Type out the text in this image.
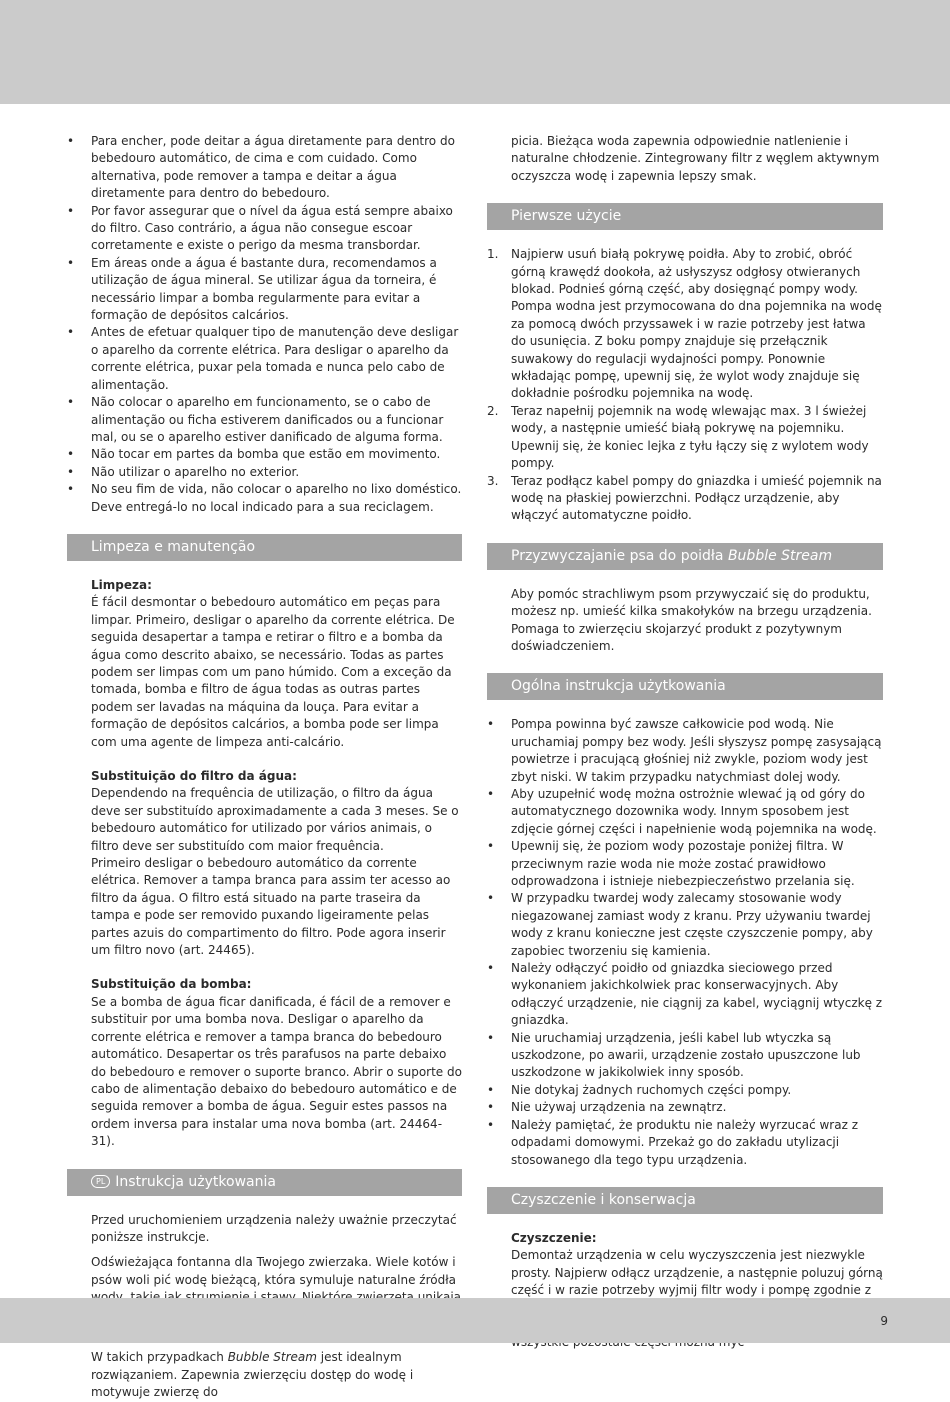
• Para encher, pode deitar a água diretamente para dentro do bebedouro automático, de cima e com cuidado. Como alternativa, pode remover a tampa e deitar a água diretamente para dentro do bebedouro.
• Por favor assegurar que o nível da água está sempre abaixo do filtro. Caso contrário, a água não consegue escoar corretamente e existe o perigo da mesma transbordar.
• Em áreas onde a água é bastante dura, recomendamos a utilização de água mineral. Se utilizar água da torneira, é necessário limpar a bomba regularmente para evitar a formação de depósitos calcários.
• Antes de efetuar qualquer tipo de manutenção deve desligar o aparelho da corrente elétrica. Para desligar o aparelho da corrente elétrica, puxar pela tomada e nunca pelo cabo de alimentação.
• Não colocar o aparelho em funcionamento, se o cabo de alimentação ou ficha estiverem danificados ou a funcionar mal, ou se o aparelho estiver danificado de alguma forma.
• Não tocar em partes da bomba que estão em movimento.
• Não utilizar o aparelho no exterior.
• No seu fim de vida, não colocar o aparelho no lixo doméstico. Deve entregá-lo no local indicado para a sua reciclagem.
Limpeza e manutenção

Limpeza:

É fácil desmontar o bebedouro automático em peças para limpar. Primeiro, desligar o aparelho da corrente elétrica. De seguida desapertar a tampa e retirar o filtro e a bomba da água como descrito abaixo, se necessário. Todas as partes podem ser limpas com um pano húmido. Com a exceção da tomada, bomba e filtro de água todas as outras partes podem ser lavadas na máquina da louça. Para evitar a formação de depósitos calcários, a bomba pode ser limpa com uma agente de limpeza anti-calcário.

Substituição do filtro da água:

Dependendo na frequência de utilização, o filtro da água deve ser substituído aproximadamente a cada 3 meses. Se o bebedouro automático for utilizado por vários animais, o filtro deve ser substituído com maior frequência.

Primeiro desligar o bebedouro automático da corrente elétrica. Remover a tampa branca para assim ter acesso ao filtro da água. O filtro está situado na parte traseira da tampa e pode ser removido puxando ligeiramente pelas partes azuis do compartimento do filtro. Pode agora inserir um filtro novo (art. 24465).

Substituição da bomba:

Se a bomba de água ficar danificada, é fácil de a remover e substituir por uma bomba nova. Desligar o aparelho da corrente elétrica e remover a tampa branca do bebedouro automático. Desapertar os três parafusos na parte debaixo do bebedouro e remover o suporte branco. Abrir o suporte do cabo de alimentação debaixo do bebedouro automático e de seguida remover a bomba de água. Seguir estes passos na ordem inversa para instalar uma nova bomba (art. 24464-31).

PL Instrukcja użytkowania

Przed uruchomieniem urządzenia należy uważnie przeczytać poniższe instrukcje.

Odświeżająca fontanna dla Twojego zwierzaka. Wiele kotów i psów woli pić wodę bieżącą, która symuluje naturalne źródła

W takich przypadkach Bubble Stream jest idealnym rozwiązaniem. Zapewnia zwierzęciu dostęp do wodę i motywuje zwierzę do

picia. Bieżąca woda zapewnia odpowiednie natlenienie i naturalne chłodzenie. Zintegrowany filtr z węglem aktywnym oczyszcza wodę i zapewnia lepszy smak.

Pierwsze użycie
1. Najpierw usuń białą pokrywę poidła. Aby to zrobić, obróć górną krawędź dookoła, aż usłyszysz odgłosy otwieranych blokad. Podnieś górną część, aby dosięgnąć pompy wody. Pompa wodna jest przymocowana do dna pojemnika na wodę za pomocą dwóch przyssawek i w razie potrzeby jest łatwa do usunięcia. Z boku pompy znajduje się przełącznik suwakowy do regulacji wydajności pompy. Ponownie wkładając pompę, upewnij się, że wylot wody znajduje się dokładnie pośrodku pojemnika na wodę.
2. Teraz napełnij pojemnik na wodę wlewając max. 3 l świeżej wody, a następnie umieść białą pokrywę na pojemniku. Upewnij się, że koniec lejka z tyłu łączy się z wylotem wody pompy.
3. Teraz podłącz kabel pompy do gniazdka i umieść pojemnik na wodę na płaskiej powierzchni. Podłącz urządzenie, aby włączyć automatyczne poidło.
Przyzwyczajanie psa do poidła Bubble Stream

Aby pomóc strachliwym psom przywyczaić się do produktu, możesz np. umieść kilka smakołyków na brzegu urządzenia. Pomaga to zwierzęciu skojarzyć produkt z pozytywnym doświadczeniem.

Ogólna instrukcja użytkowania
• Pompa powinna być zawsze całkowicie pod wodą. Nie uruchamiaj pompy bez wody. Jeśli słyszysz pompę zasysającą powietrze i pracującą głośniej niż zwykle, poziom wody jest zbyt niski. W takim przypadku natychmiast dolej wody.
• Aby uzupełnić wodę można ostrożnie wlewać ją od góry do automatycznego dozownika wody. Innym sposobem jest zdjęcie górnej części i napełnienie wodą pojemnika na wodę.
• Upewnij się, że poziom wody pozostaje poniżej filtra. W przeciwnym razie woda nie może zostać prawidłowo odprowadzona i istnieje niebezpieczeństwo przelania się.
• W przypadku twardej wody zalecamy stosowanie wody niegazowanej zamiast wody z kranu. Przy używaniu twardej wody z kranu konieczne jest częste czyszczenie pompy, aby zapobiec tworzeniu się kamienia.
• Należy odłączyć poidło od gniazdka sieciowego przed wykonaniem jakichkolwiek prac konserwacyjnych. Aby odłączyć urządzenie, nie ciągnij za kabel, wyciągnij wtyczkę z gniazdka.
• Nie uruchamiaj urządzenia, jeśli kabel lub wtyczka są uszkodzone, po awarii, urządzenie zostało upuszczone lub uszkodzone w jakikolwiek inny sposób.
• Nie dotykaj żadnych ruchomych części pompy.
• Nie używaj urządzenia na zewnątrz.
• Należy pamiętać, że produktu nie należy wyrzucać wraz z odpadami domowymi. Przekaż go do zakładu utylizacji stosowanego dla tego typu urządzenia.
Czyszczenie i konserwacja

Czyszczenie:

Demontaż urządzenia w celu wyczyszczenia jest niezwykle prosty. Najpierw odłącz urządzenie, a następnie poluzuj górną część i w razie potrzeby wyjmij filtr wody i pompę zgodnie z

9
